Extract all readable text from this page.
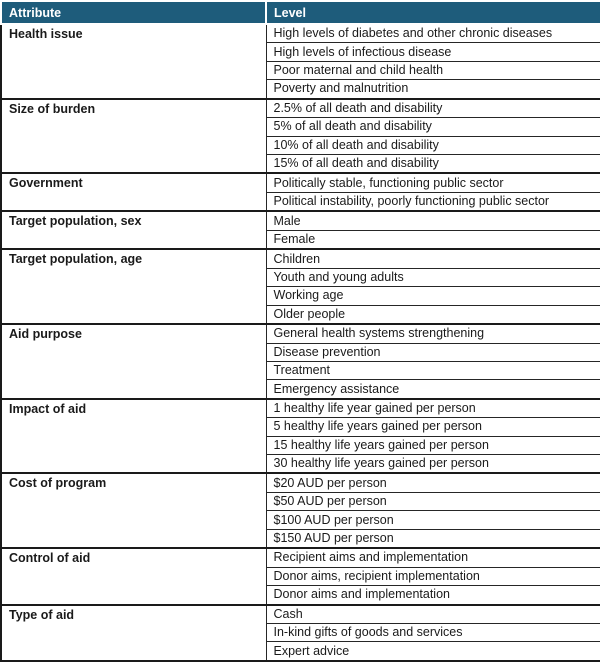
Attribute	Level
Health issue	High levels of diabetes and other chronic diseases
	High levels of infectious disease
	Poor maternal and child health
	Poverty and malnutrition
Size of burden	2.5% of all death and disability
	5% of all death and disability
	10% of all death and disability
	15% of all death and disability
Government	Politically stable, functioning public sector
	Political instability, poorly functioning public sector
Target population, sex	Male
	Female
Target population, age	Children
	Youth and young adults
	Working age
	Older people
Aid purpose	General health systems strengthening
	Disease prevention
	Treatment
	Emergency assistance
Impact of aid	1 healthy life year gained per person
	5 healthy life years gained per person
	15 healthy life years gained per person
	30 healthy life years gained per person
Cost of program	$20 AUD per person
	$50 AUD per person
	$100 AUD per person
	$150 AUD per person
Control of aid	Recipient aims and implementation
	Donor aims, recipient implementation
	Donor aims and implementation
Type of aid	Cash
	In-kind gifts of goods and services
	Expert advice
